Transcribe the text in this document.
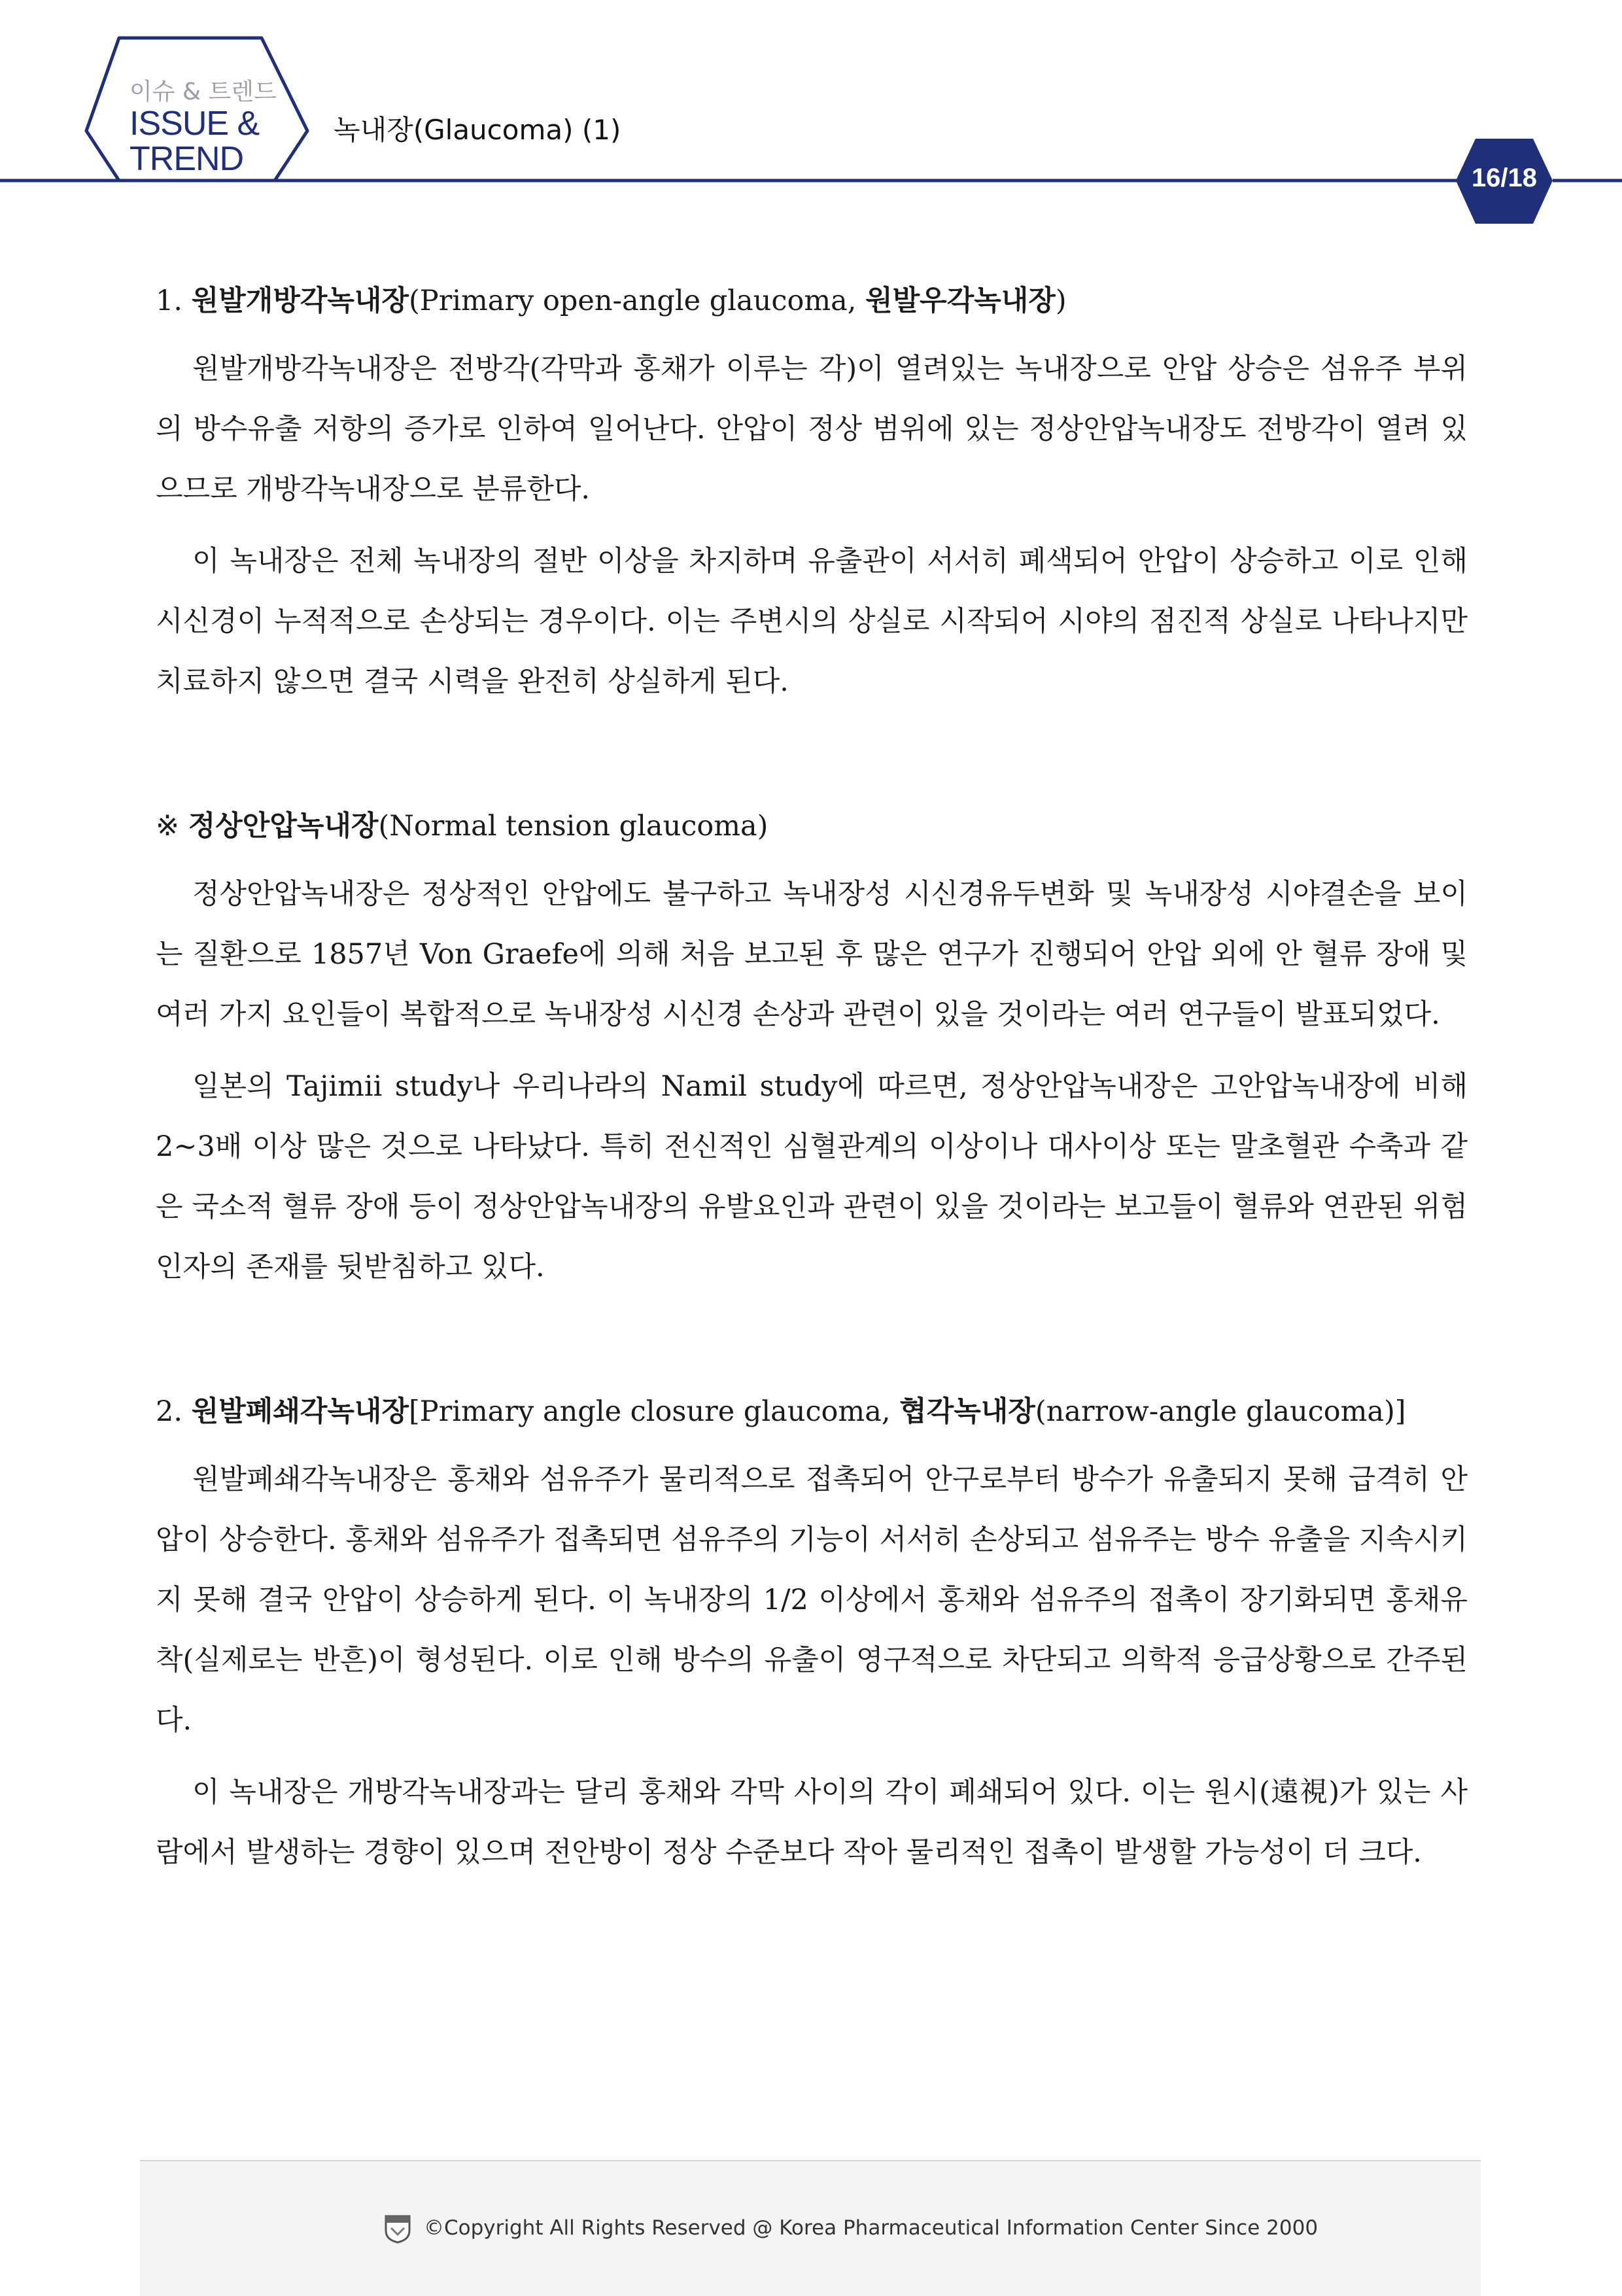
이슈 & 트렌드
ISSUE &
TREND
녹내장(Glaucoma) (1)
16/18

1. 원발개방각녹내장(Primary open-angle glaucoma, 원발우각녹내장)

원발개방각녹내장은 전방각(각막과 홍채가 이루는 각)이 열려있는 녹내장으로 안압 상승은 섬유주 부위의 방수유출 저항의 증가로 인하여 일어난다. 안압이 정상 범위에 있는 정상안압녹내장도 전방각이 열려 있으므로 개방각녹내장으로 분류한다.

이 녹내장은 전체 녹내장의 절반 이상을 차지하며 유출관이 서서히 폐색되어 안압이 상승하고 이로 인해 시신경이 누적적으로 손상되는 경우이다. 이는 주변시의 상실로 시작되어 시야의 점진적 상실로 나타나지만 치료하지 않으면 결국 시력을 완전히 상실하게 된다.

※ 정상안압녹내장(Normal tension glaucoma)

정상안압녹내장은 정상적인 안압에도 불구하고 녹내장성 시신경유두변화 및 녹내장성 시야결손을 보이는 질환으로 1857년 Von Graefe에 의해 처음 보고된 후 많은 연구가 진행되어 안압 외에 안 혈류 장애 및 여러 가지 요인들이 복합적으로 녹내장성 시신경 손상과 관련이 있을 것이라는 여러 연구들이 발표되었다.

일본의 Tajimii study나 우리나라의 Namil study에 따르면, 정상안압녹내장은 고안압녹내장에 비해 2~3배 이상 많은 것으로 나타났다. 특히 전신적인 심혈관계의 이상이나 대사이상 또는 말초혈관 수축과 같은 국소적 혈류 장애 등이 정상안압녹내장의 유발요인과 관련이 있을 것이라는 보고들이 혈류와 연관된 위험인자의 존재를 뒷받침하고 있다.

2. 원발폐쇄각녹내장[Primary angle closure glaucoma, 협각녹내장(narrow-angle glaucoma)]

원발폐쇄각녹내장은 홍채와 섬유주가 물리적으로 접촉되어 안구로부터 방수가 유출되지 못해 급격히 안압이 상승한다. 홍채와 섬유주가 접촉되면 섬유주의 기능이 서서히 손상되고 섬유주는 방수 유출을 지속시키지 못해 결국 안압이 상승하게 된다. 이 녹내장의 1/2 이상에서 홍채와 섬유주의 접촉이 장기화되면 홍채유착(실제로는 반흔)이 형성된다. 이로 인해 방수의 유출이 영구적으로 차단되고 의학적 응급상황으로 간주된다.

이 녹내장은 개방각녹내장과는 달리 홍채와 각막 사이의 각이 폐쇄되어 있다. 이는 원시(遠視)가 있는 사람에서 발생하는 경향이 있으며 전안방이 정상 수준보다 작아 물리적인 접촉이 발생할 가능성이 더 크다.

©Copyright All Rights Reserved @ Korea Pharmaceutical Information Center Since 2000
